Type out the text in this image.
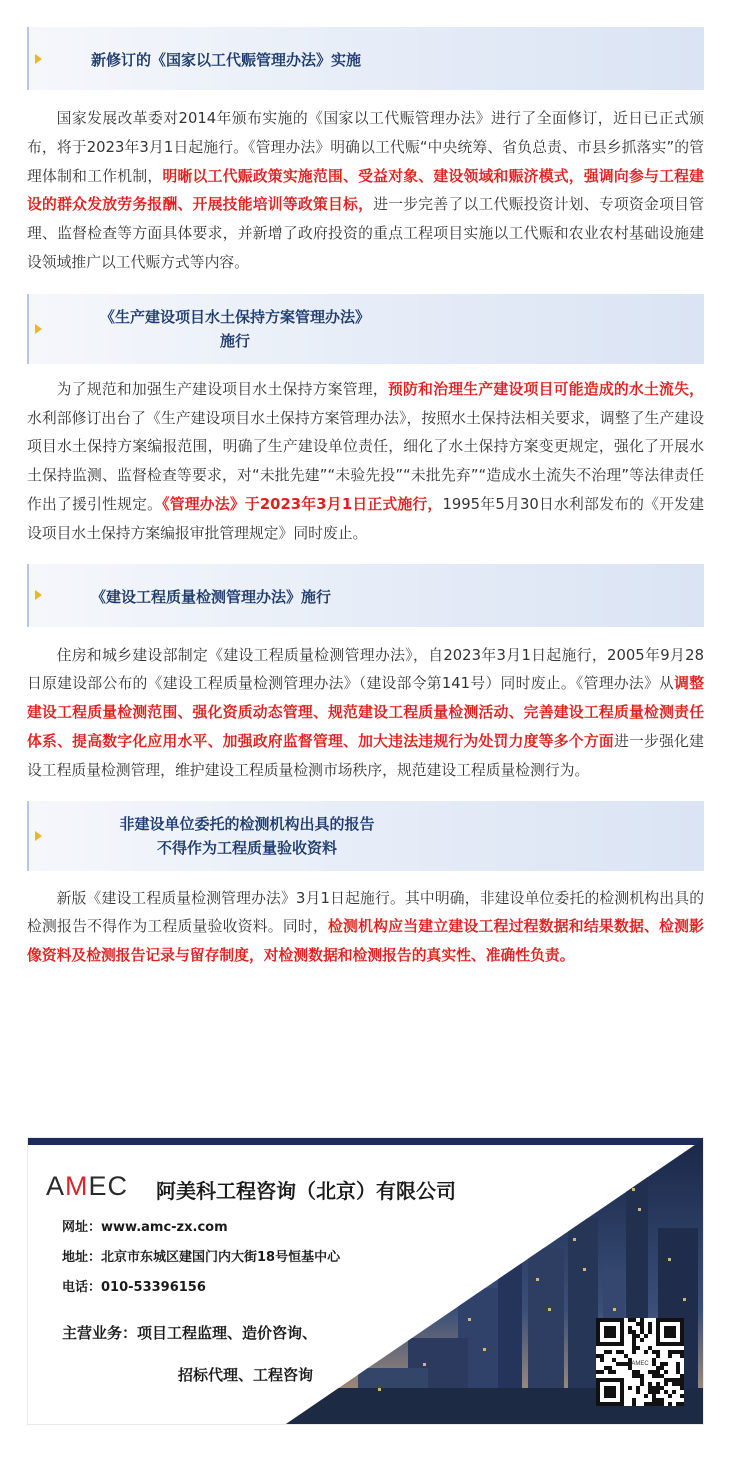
新修订的《国家以工代赈管理办法》实施

国家发展改革委对2014年颁布实施的《国家以工代赈管理办法》进行了全面修订，近日已正式颁布，将于2023年3月1日起施行。《管理办法》明确以工代赈“中央统筹、省负总责、市县乡抓落实”的管理体制和工作机制，明晰以工代赈政策实施范围、受益对象、建设领域和赈济模式，强调向参与工程建设的群众发放劳务报酬、开展技能培训等政策目标，进一步完善了以工代赈投资计划、专项资金项目管理、监督检查等方面具体要求，并新增了政府投资的重点工程项目实施以工代赈和农业农村基础设施建设领域推广以工代赈方式等内容。

《生产建设项目水土保持方案管理办法》
施行

为了规范和加强生产建设项目水土保持方案管理，预防和治理生产建设项目可能造成的水土流失，水利部修订出台了《生产建设项目水土保持方案管理办法》，按照水土保持法相关要求，调整了生产建设项目水土保持方案编报范围，明确了生产建设单位责任，细化了水土保持方案变更规定，强化了开展水土保持监测、监督检查等要求，对“未批先建”“未验先投”“未批先弃”“造成水土流失不治理”等法律责任作出了援引性规定。《管理办法》于2023年3月1日正式施行，1995年5月30日水利部发布的《开发建设项目水土保持方案编报审批管理规定》同时废止。

《建设工程质量检测管理办法》施行

住房和城乡建设部制定《建设工程质量检测管理办法》，自2023年3月1日起施行，2005年9月28日原建设部公布的《建设工程质量检测管理办法》（建设部令第141号）同时废止。《管理办法》从调整建设工程质量检测范围、强化资质动态管理、规范建设工程质量检测活动、完善建设工程质量检测责任体系、提高数字化应用水平、加强政府监督管理、加大违法违规行为处罚力度等多个方面进一步强化建设工程质量检测管理，维护建设工程质量检测市场秩序，规范建设工程质量检测行为。

非建设单位委托的检测机构出具的报告
不得作为工程质量验收资料

新版《建设工程质量检测管理办法》3月1日起施行。其中明确，非建设单位委托的检测机构出具的检测报告不得作为工程质量验收资料。同时，检测机构应当建立建设工程过程数据和结果数据、检测影像资料及检测报告记录与留存制度，对检测数据和检测报告的真实性、准确性负责。

AMEC 阿美科工程咨询（北京）有限公司
网址：www.amc-zx.com
地址：北京市东城区建国门内大街18号恒基中心
电话：010-53396156
主营业务：项目工程监理、造价咨询、
招标代理、工程咨询
AMEC
